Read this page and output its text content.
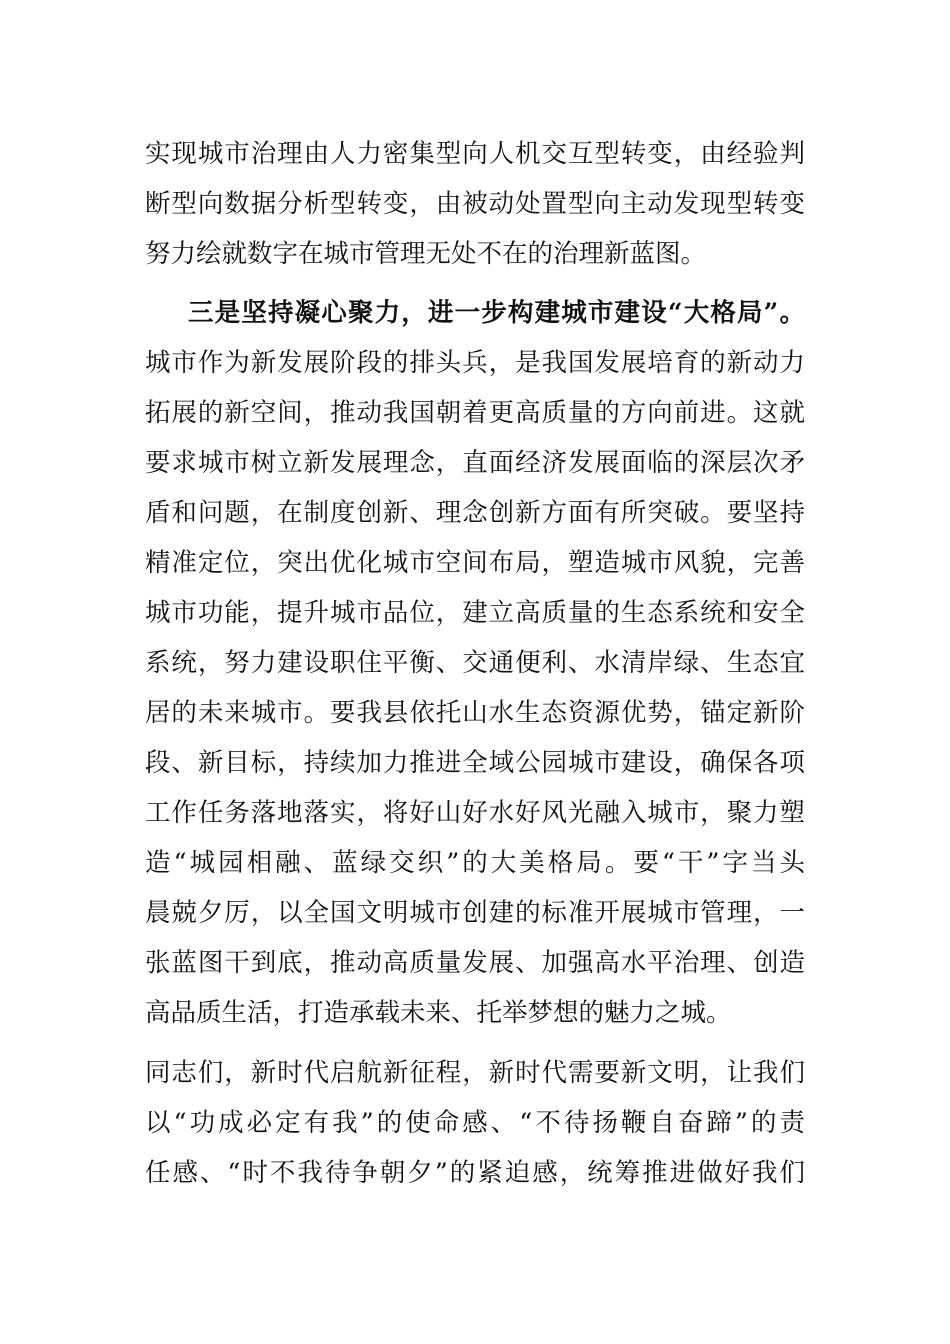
实现城市治理由人力密集型向人机交互型转变，由经验判
断型向数据分析型转变，由被动处置型向主动发现型转变
努力绘就数字在城市管理无处不在的治理新蓝图。
三是坚持凝心聚力，进一步构建城市建设“大格局”。
城市作为新发展阶段的排头兵，是我国发展培育的新动力
拓展的新空间，推动我国朝着更高质量的方向前进。这就
要求城市树立新发展理念，直面经济发展面临的深层次矛
盾和问题，在制度创新、理念创新方面有所突破。要坚持
精准定位，突出优化城市空间布局，塑造城市风貌，完善
城市功能，提升城市品位，建立高质量的生态系统和安全
系统，努力建设职住平衡、交通便利、水清岸绿、生态宜
居的未来城市。要我县依托山水生态资源优势，锚定新阶
段、新目标，持续加力推进全域公园城市建设，确保各项
工作任务落地落实，将好山好水好风光融入城市，聚力塑
造“城园相融、蓝绿交织”的大美格局。要“干”字当头
晨兢夕厉，以全国文明城市创建的标准开展城市管理，一
张蓝图干到底，推动高质量发展、加强高水平治理、创造
高品质生活，打造承载未来、托举梦想的魅力之城。
同志们，新时代启航新征程，新时代需要新文明，让我们
以“功成必定有我”的使命感、“不待扬鞭自奋蹄”的责
任感、“时不我待争朝夕”的紧迫感，统筹推进做好我们
